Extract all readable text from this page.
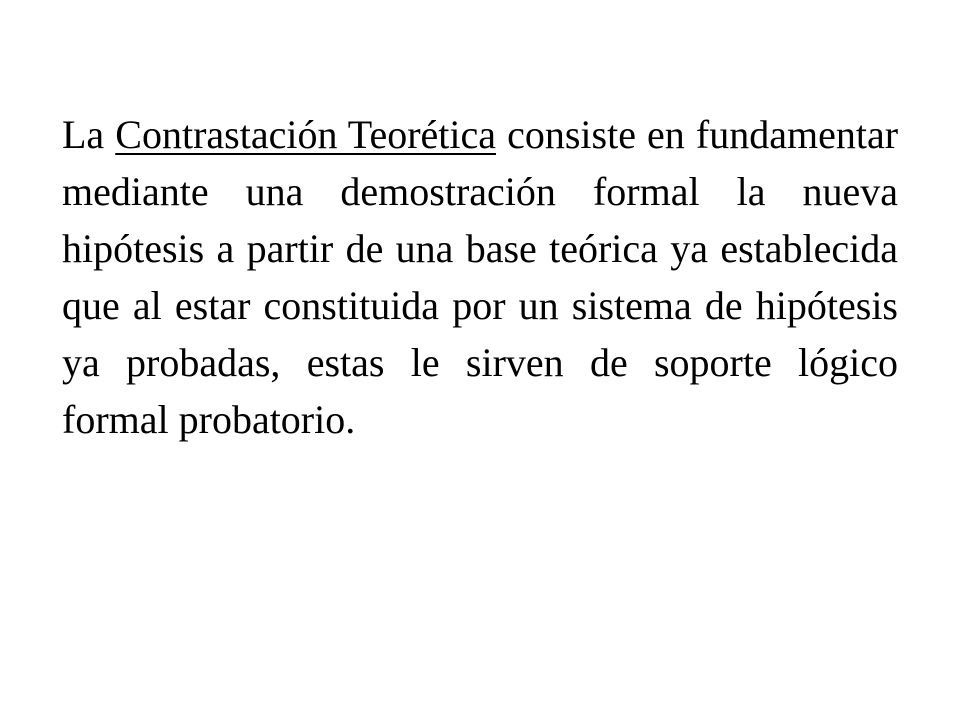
La Contrastación Teorética consiste en fundamentar mediante una demostración formal la nueva hipótesis a partir de una base teórica ya establecida que al estar constituida por un sistema de hipótesis ya probadas, estas le sirven de soporte lógico formal probatorio.
